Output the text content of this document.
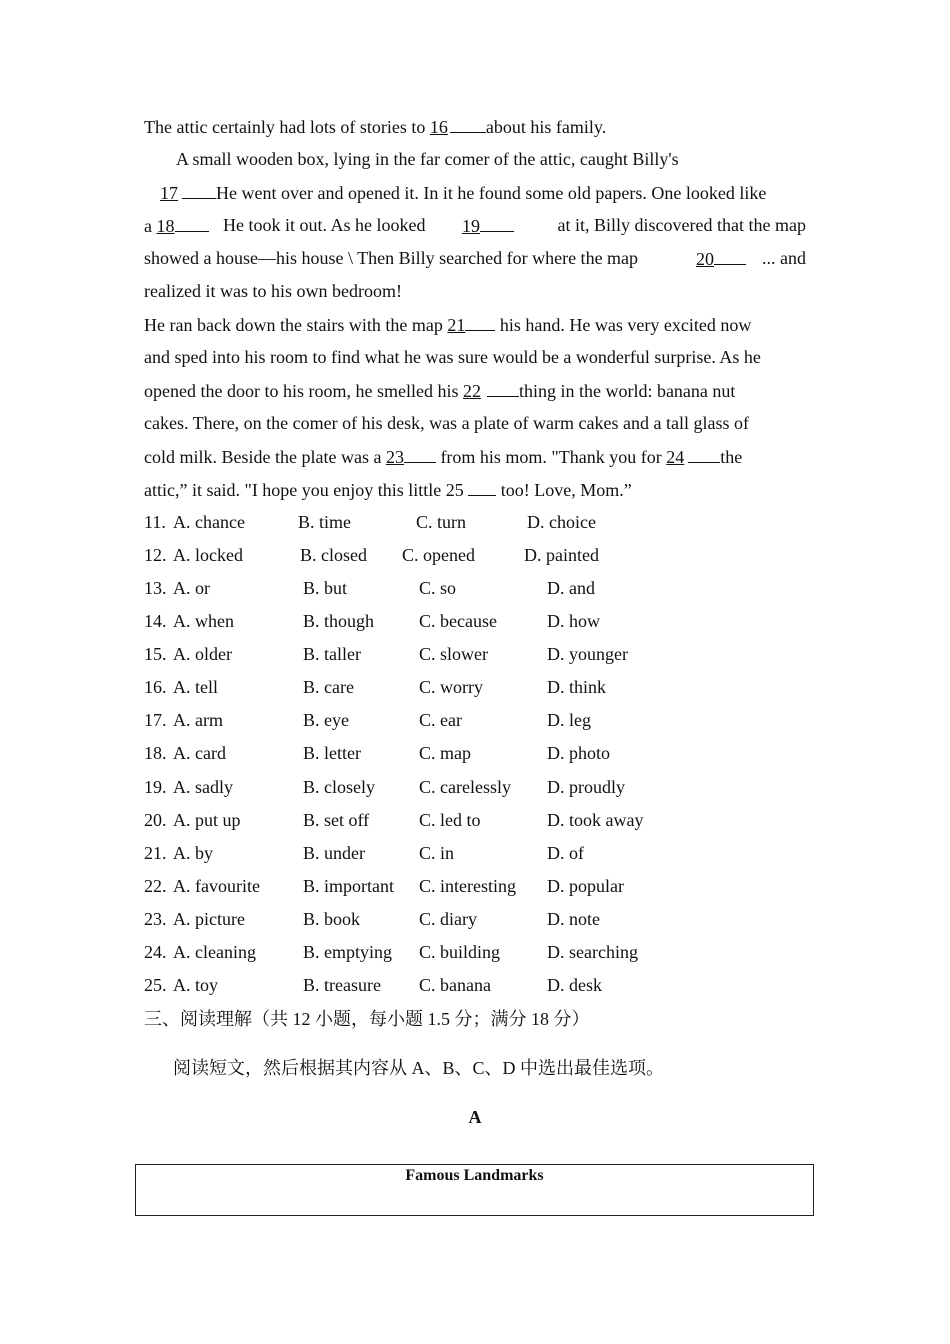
The attic certainly had lots of stories to 16 about his family.
A small wooden box, lying in the far comer of the attic, caught Billy's
17 He went over and opened it. In it he found some old papers. One looked like
a 18	He took it out. As he looked 19	at it, Billy discovered that the map
showed a house—his house \ Then Billy searched for where the map	20	... and
realized it was to his own bedroom!
He ran back down the stairs with the map 21 his hand. He was very excited now
and sped into his room to find what he was sure would be a wonderful surprise. As he
opened the door to his room, he smelled his 22 thing in the world: banana nut
cakes. There, on the comer of his desk, was a plate of warm cakes and a tall glass of
cold milk. Beside the plate was a 23 from his mom. "Thank you for 24 the
attic,” it said. "I hope you enjoy this little 25  too! Love, Mom.”
11. A. chance	B. time	C. turn	D. choice
12. A. locked	B. closed C. opened	D. painted
13. A. or	B. but	C. so	D. and
14. A. when	B. though C. because	D. how
15. A. older	B. taller	C. slower	D. younger
16. A. tell	B. care	C. worry	D. think
17. A. arm	B. eye	C. ear	D. leg
18. A. card	B. letter	C. map	D. photo
19. A. sadly	B. closely C. carelessly D. proudly
20. A. put up	B. set off	C. led to	D. took away
21. A. by	B. under	C. in	D. of
22. A. favourite B. important C. interesting D. popular
23. A. picture	B. book	C. diary	D. note
24. A. cleaning	B. emptying C. building	D. searching
25. A. toy	B. treasure C. banana	D. desk
三、阅读理解（共 12 小题，每小题 1.5 分；满分 18 分）
阅读短文，然后根据其内容从 A、B、C、D 中选出最佳选项。
A
Famous Landmarks
